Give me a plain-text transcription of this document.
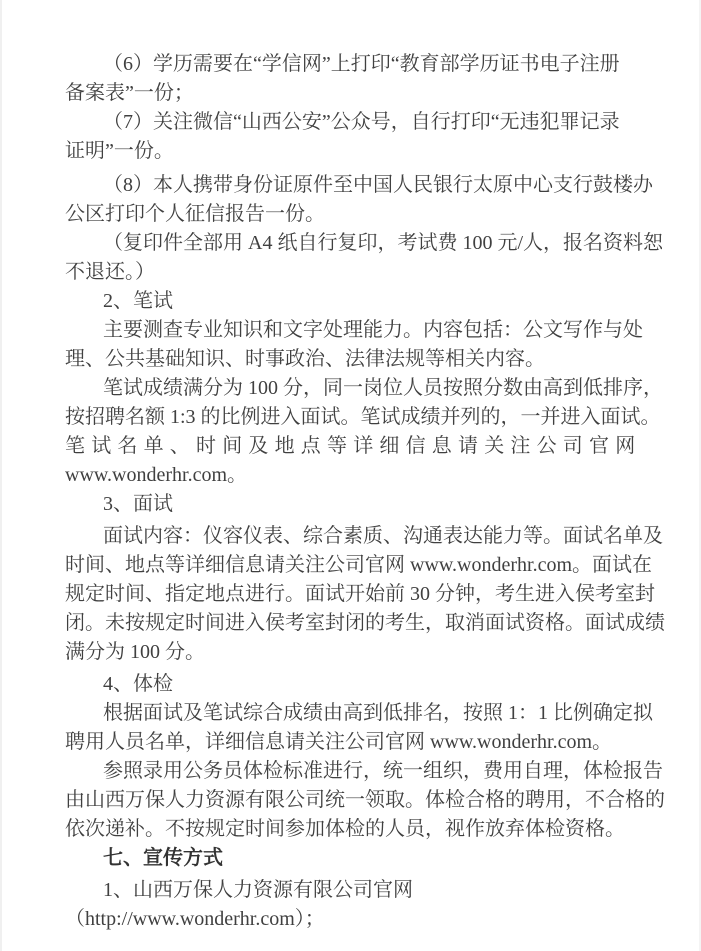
（6）学历需要在“学信网”上打印“教育部学历证书电子注册
备案表”一份；
（7）关注微信“山西公安”公众号，自行打印“无违犯罪记录
证明”一份。
（8）本人携带身份证原件至中国人民银行太原中心支行鼓楼办
公区打印个人征信报告一份。
（复印件全部用 A4 纸自行复印，考试费 100 元/人，报名资料恕
不退还。）
2、笔试
主要测查专业知识和文字处理能力。内容包括：公文写作与处
理、公共基础知识、时事政治、法律法规等相关内容。
笔试成绩满分为 100 分，同一岗位人员按照分数由高到低排序，
按招聘名额 1:3 的比例进入面试。笔试成绩并列的，一并进入面试。
笔试名单、时间及地点等详细信息请关注公司官网
www.wonderhr.com。
3、面试
面试内容：仪容仪表、综合素质、沟通表达能力等。面试名单及
时间、地点等详细信息请关注公司官网 www.wonderhr.com。面试在
规定时间、指定地点进行。面试开始前 30 分钟，考生进入侯考室封
闭。未按规定时间进入侯考室封闭的考生，取消面试资格。面试成绩
满分为 100 分。
4、体检
根据面试及笔试综合成绩由高到低排名，按照 1：1 比例确定拟
聘用人员名单，详细信息请关注公司官网 www.wonderhr.com。
参照录用公务员体检标准进行，统一组织，费用自理，体检报告
由山西万保人力资源有限公司统一领取。体检合格的聘用，不合格的
依次递补。不按规定时间参加体检的人员，视作放弃体检资格。
七、宣传方式
1、山西万保人力资源有限公司官网
（http://www.wonderhr.com）；
